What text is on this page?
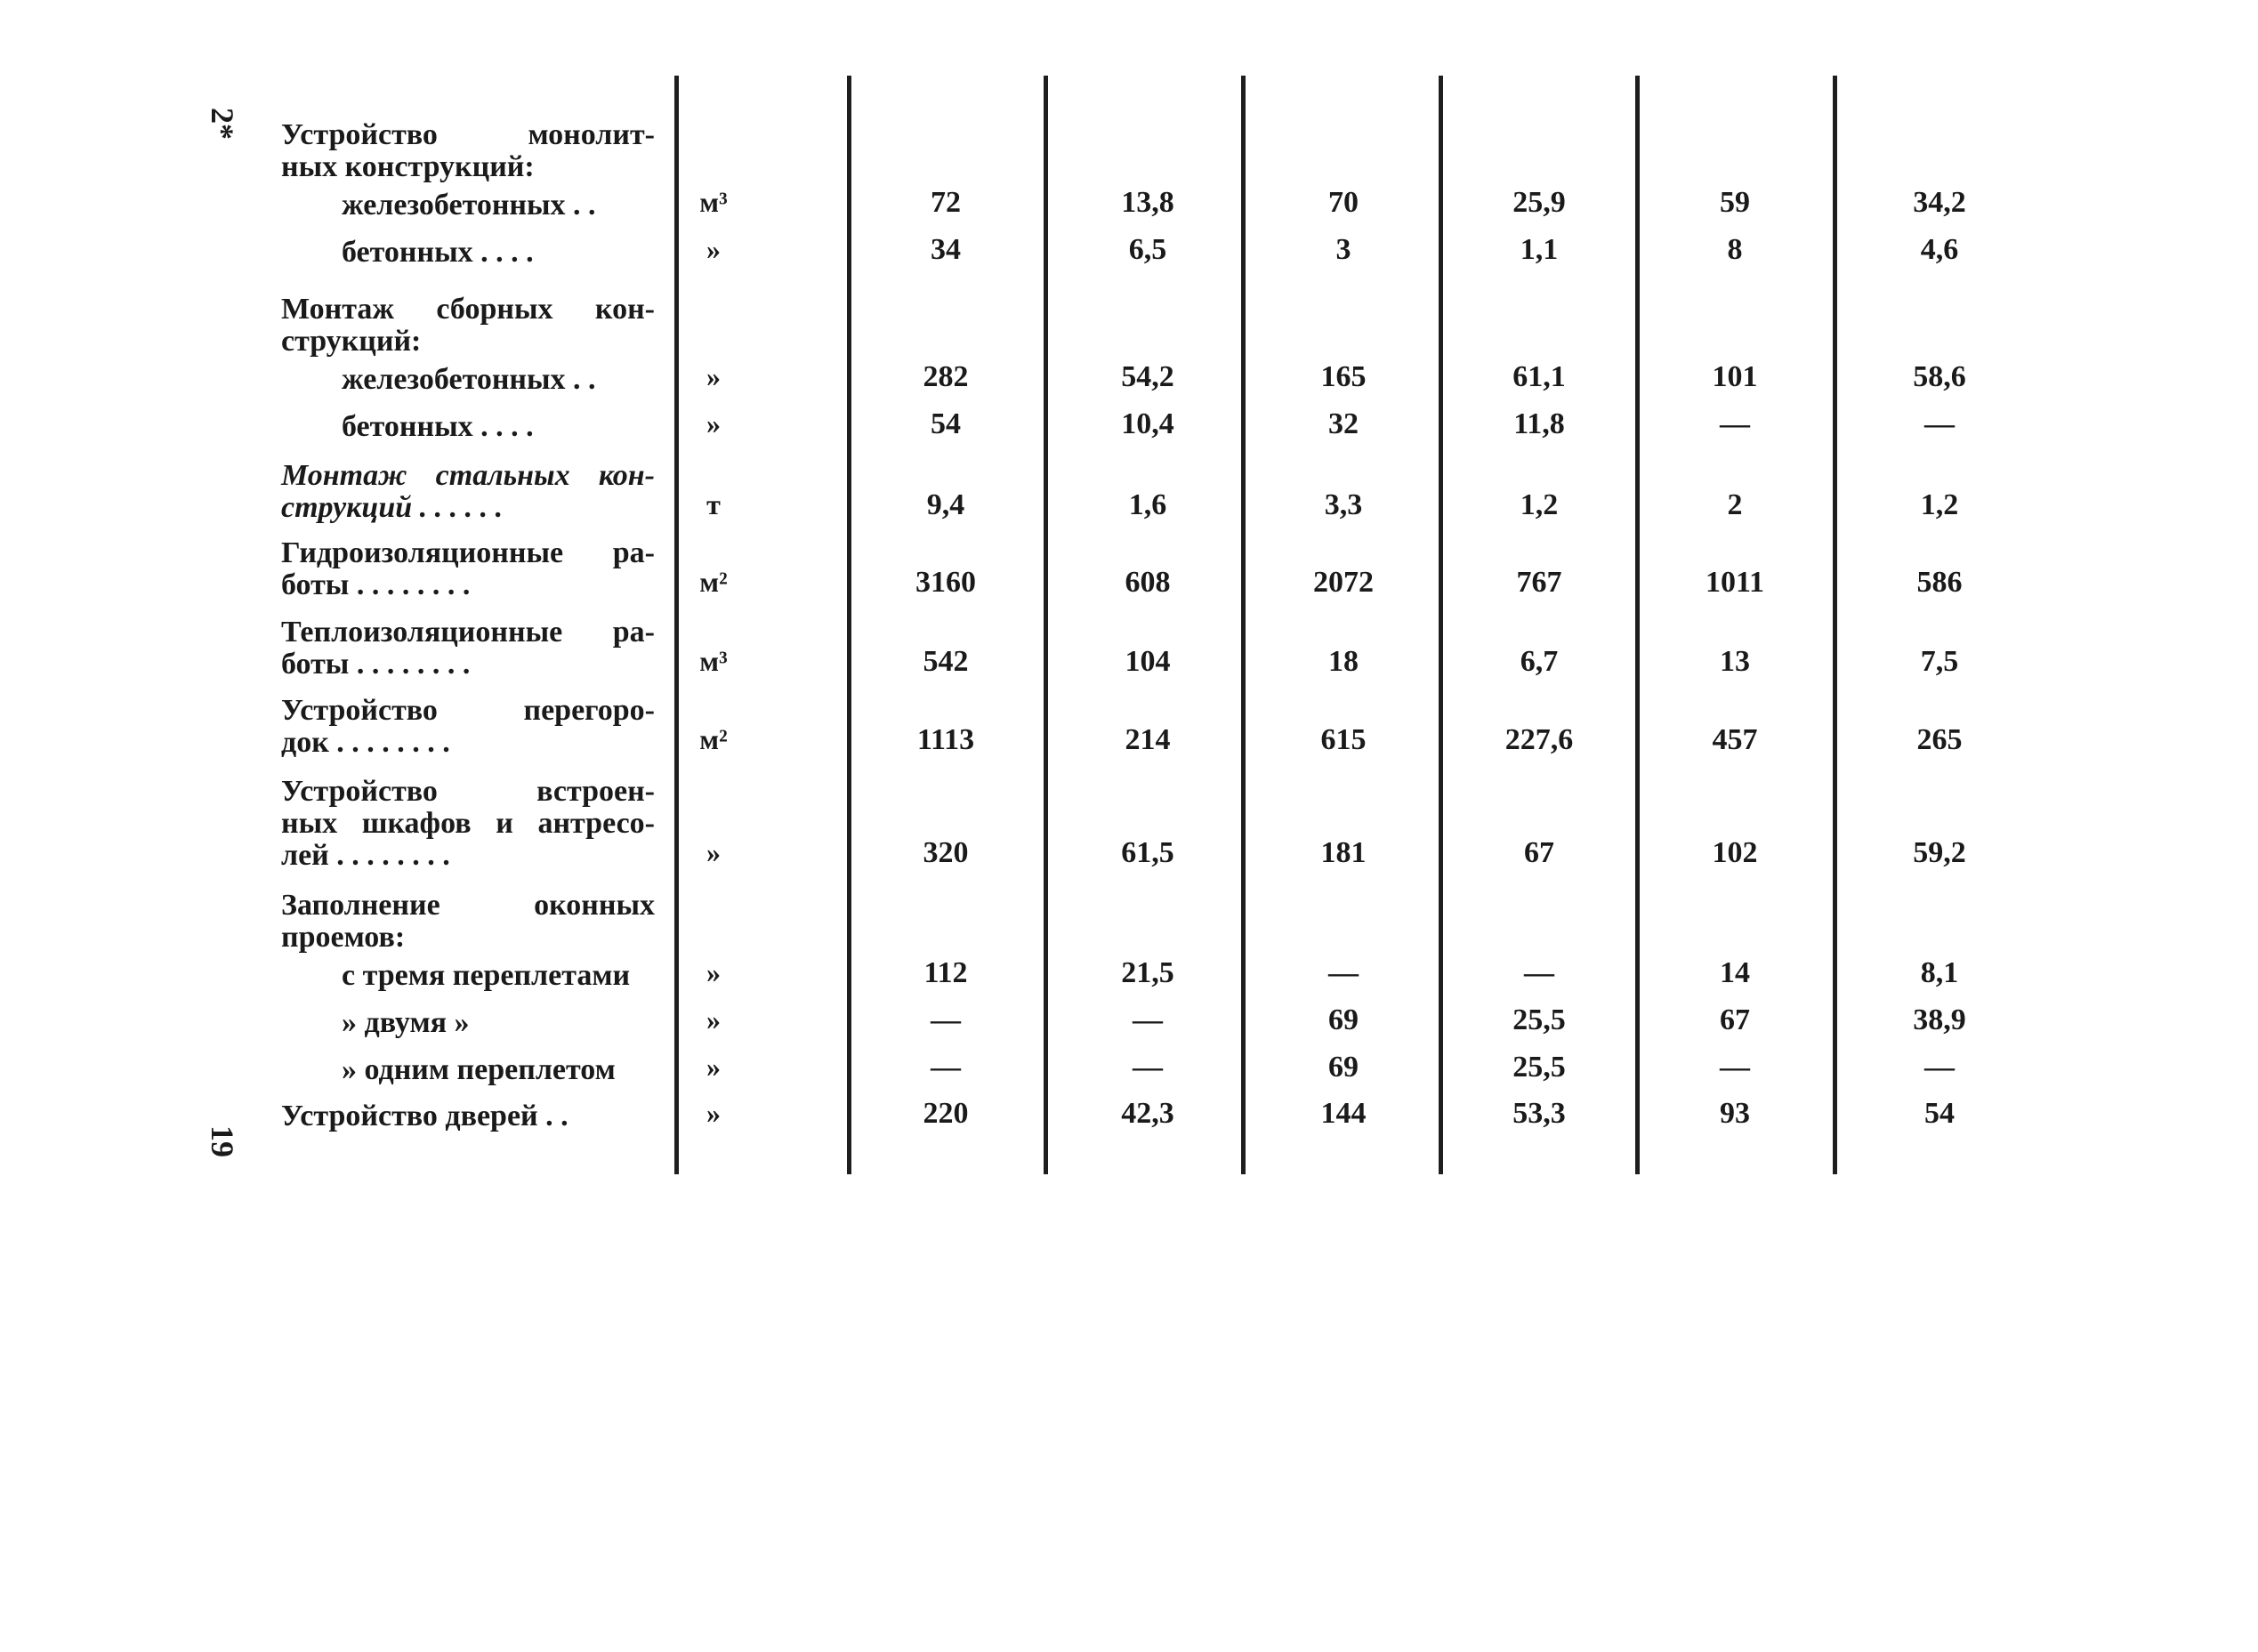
2*
19
Устройство монолит-
ных конструкций:
железобетонных . .	м³	72	13,8	70	25,9	59	34,2
бетонных . . . .	»	34	6,5	3	1,1	8	4,6
Монтаж сборных кон-
струкций:
железобетонных . .	»	282	54,2	165	61,1	101	58,6
бетонных . . . .	»	54	10,4	32	11,8	—	—
Монтаж стальных кон-
струкций . . . . . .	т	9,4	1,6	3,3	1,2	2	1,2
Гидроизоляционные ра-
боты . . . . . . . .	м²	3160	608	2072	767	1011	586
Теплоизоляционные ра-
боты . . . . . . . .	м³	542	104	18	6,7	13	7,5
Устройство перегоро-
док . . . . . . . .	м²	1113	214	615	227,6	457	265
Устройство встроен-
ных шкафов и антресо-
лей . . . . . . . .	»	320	61,5	181	67	102	59,2
Заполнение оконных
проемов:
с тремя переплетами	»	112	21,5	—	—	14	8,1
» двумя »	»	—	—	69	25,5	67	38,9
» одним переплетом	»	—	—	69	25,5	—	—
Устройство дверей . .	»	220	42,3	144	53,3	93	54
